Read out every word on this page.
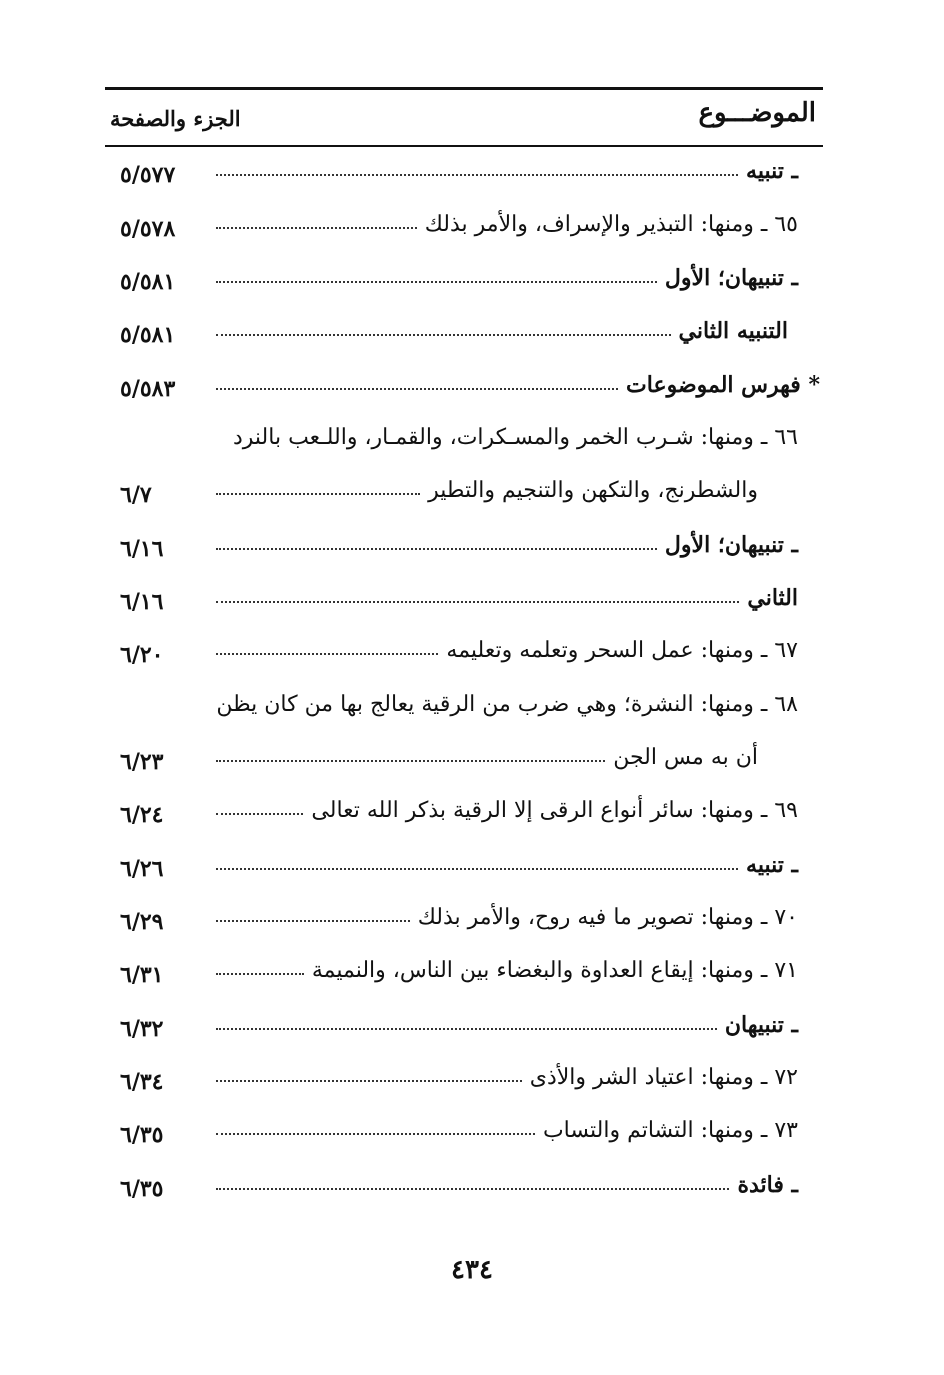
الموضـــوع
الجزء والصفحة
٥/٥٧٧	ـ تنبيه
٥/٥٧٨	٦٥ ـ ومنها: التبذير والإسراف، والأمر بذلك
٥/٥٨١	ـ تنبيهان؛ الأول
٥/٥٨١	التنبيه الثاني
٥/٥٨٣	* فهرس الموضوعات
٦٦ ـ ومنها: شـرب الخمر والمسـكرات، والقمـار، واللـعب بالنرد
٦/٧	والشطرنج، والتكهن والتنجيم والتطير
٦/١٦	ـ تنبيهان؛ الأول
٦/١٦	الثاني
٦/٢٠	٦٧ ـ ومنها: عمل السحر وتعلمه وتعليمه
٦٨ ـ ومنها: النشرة؛ وهي ضرب من الرقية يعالج بها من كان يظن
٦/٢٣	أن به مس الجن
٦/٢٤	٦٩ ـ ومنها: سائر أنواع الرقى إلا الرقية بذكر الله تعالى
٦/٢٦	ـ تنبيه
٦/٢٩	٧٠ ـ ومنها: تصوير ما فيه روح، والأمر بذلك
٦/٣١	٧١ ـ ومنها: إيقاع العداوة والبغضاء بين الناس، والنميمة
٦/٣٢	ـ تنبيهان
٦/٣٤	٧٢ ـ ومنها: اعتياد الشر والأذى
٦/٣٥	٧٣ ـ ومنها: التشاتم والتساب
٦/٣٥	ـ فائدة
٤٣٤
